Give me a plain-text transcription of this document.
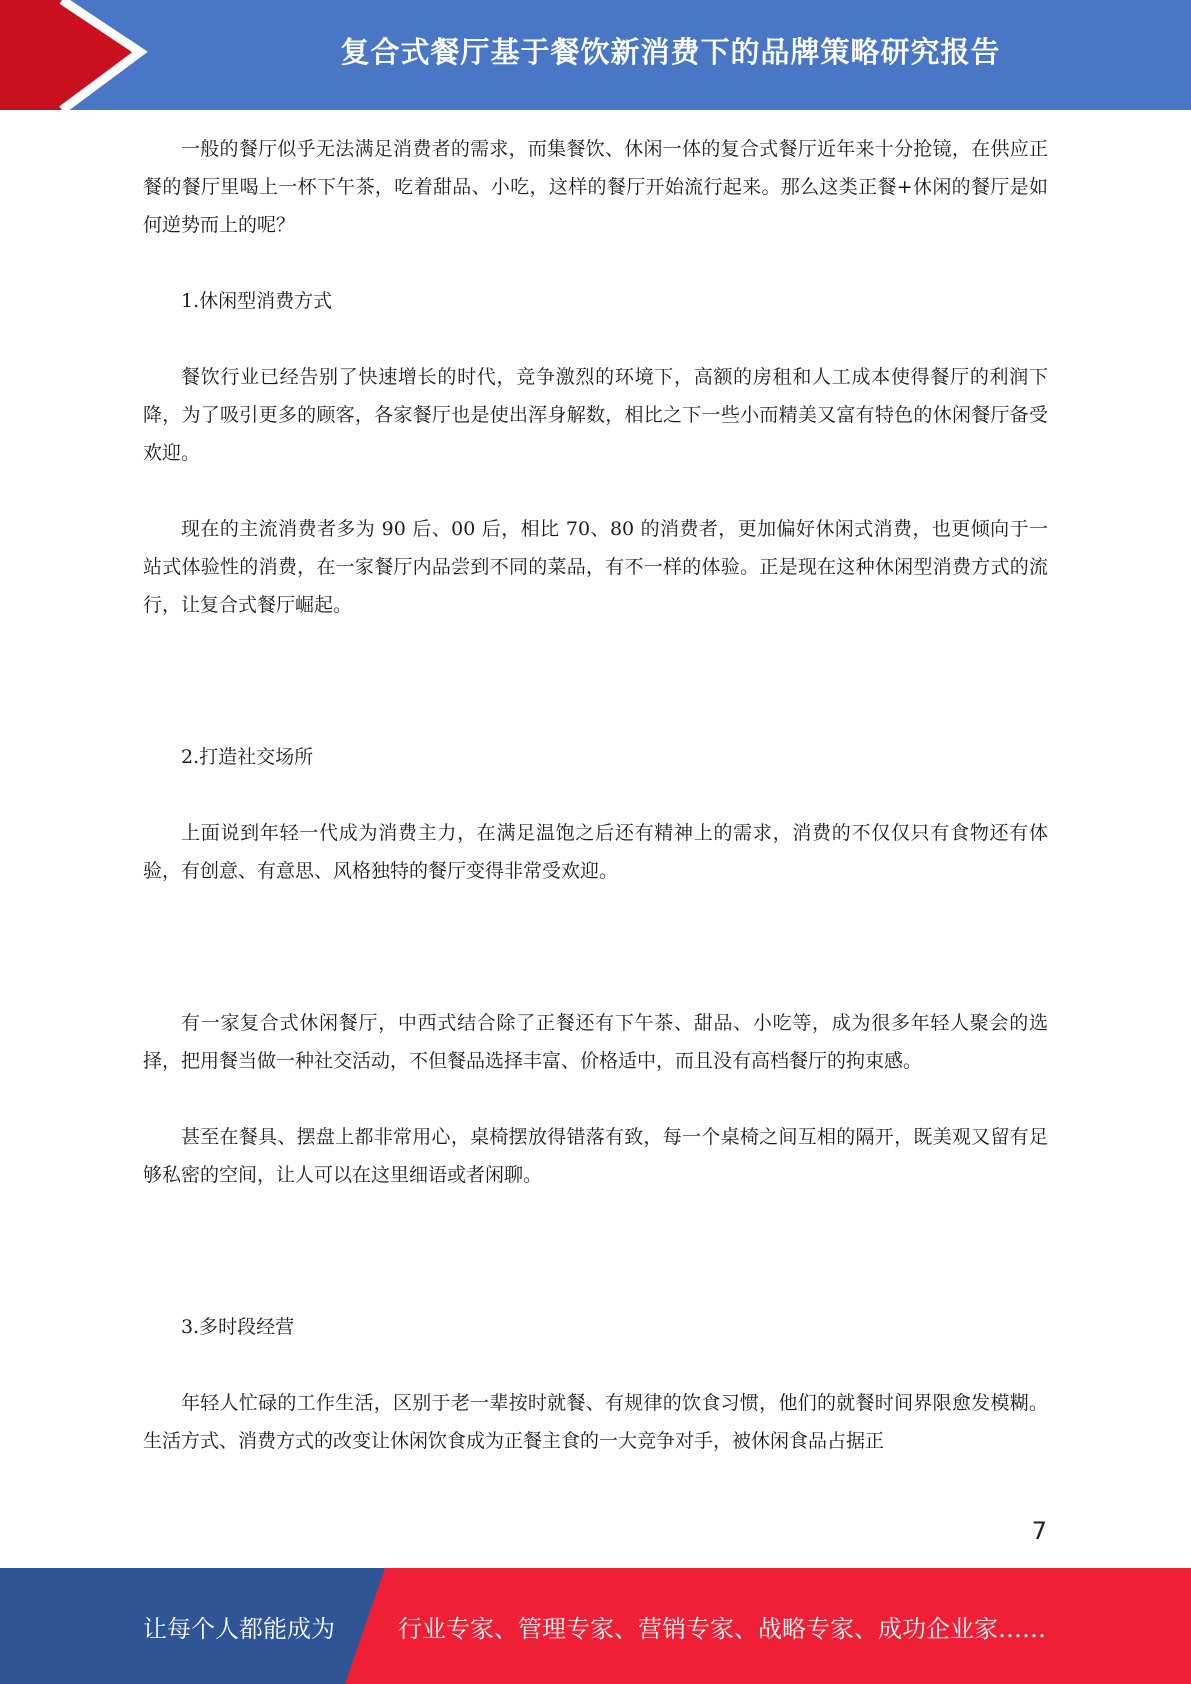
复合式餐厅基于餐饮新消费下的品牌策略研究报告

一般的餐厅似乎无法满足消费者的需求，而集餐饮、休闲一体的复合式餐厅近年来十分抢镜，在供应正餐的餐厅里喝上一杯下午茶，吃着甜品、小吃，这样的餐厅开始流行起来。那么这类正餐+休闲的餐厅是如何逆势而上的呢？

1.休闲型消费方式

餐饮行业已经告别了快速增长的时代，竞争激烈的环境下，高额的房租和人工成本使得餐厅的利润下降，为了吸引更多的顾客，各家餐厅也是使出浑身解数，相比之下一些小而精美又富有特色的休闲餐厅备受欢迎。

现在的主流消费者多为 90 后、00 后，相比 70、80 的消费者，更加偏好休闲式消费，也更倾向于一站式体验性的消费，在一家餐厅内品尝到不同的菜品，有不一样的体验。正是现在这种休闲型消费方式的流行，让复合式餐厅崛起。

2.打造社交场所

上面说到年轻一代成为消费主力，在满足温饱之后还有精神上的需求，消费的不仅仅只有食物还有体验，有创意、有意思、风格独特的餐厅变得非常受欢迎。

有一家复合式休闲餐厅，中西式结合除了正餐还有下午茶、甜品、小吃等，成为很多年轻人聚会的选择，把用餐当做一种社交活动，不但餐品选择丰富、价格适中，而且没有高档餐厅的拘束感。

甚至在餐具、摆盘上都非常用心，桌椅摆放得错落有致，每一个桌椅之间互相的隔开，既美观又留有足够私密的空间，让人可以在这里细语或者闲聊。

3.多时段经营

年轻人忙碌的工作生活，区别于老一辈按时就餐、有规律的饮食习惯，他们的就餐时间界限愈发模糊。生活方式、消费方式的改变让休闲饮食成为正餐主食的一大竞争对手，被休闲食品占据正

7
让每个人都能成为	行业专家、管理专家、营销专家、战略专家、成功企业家……
